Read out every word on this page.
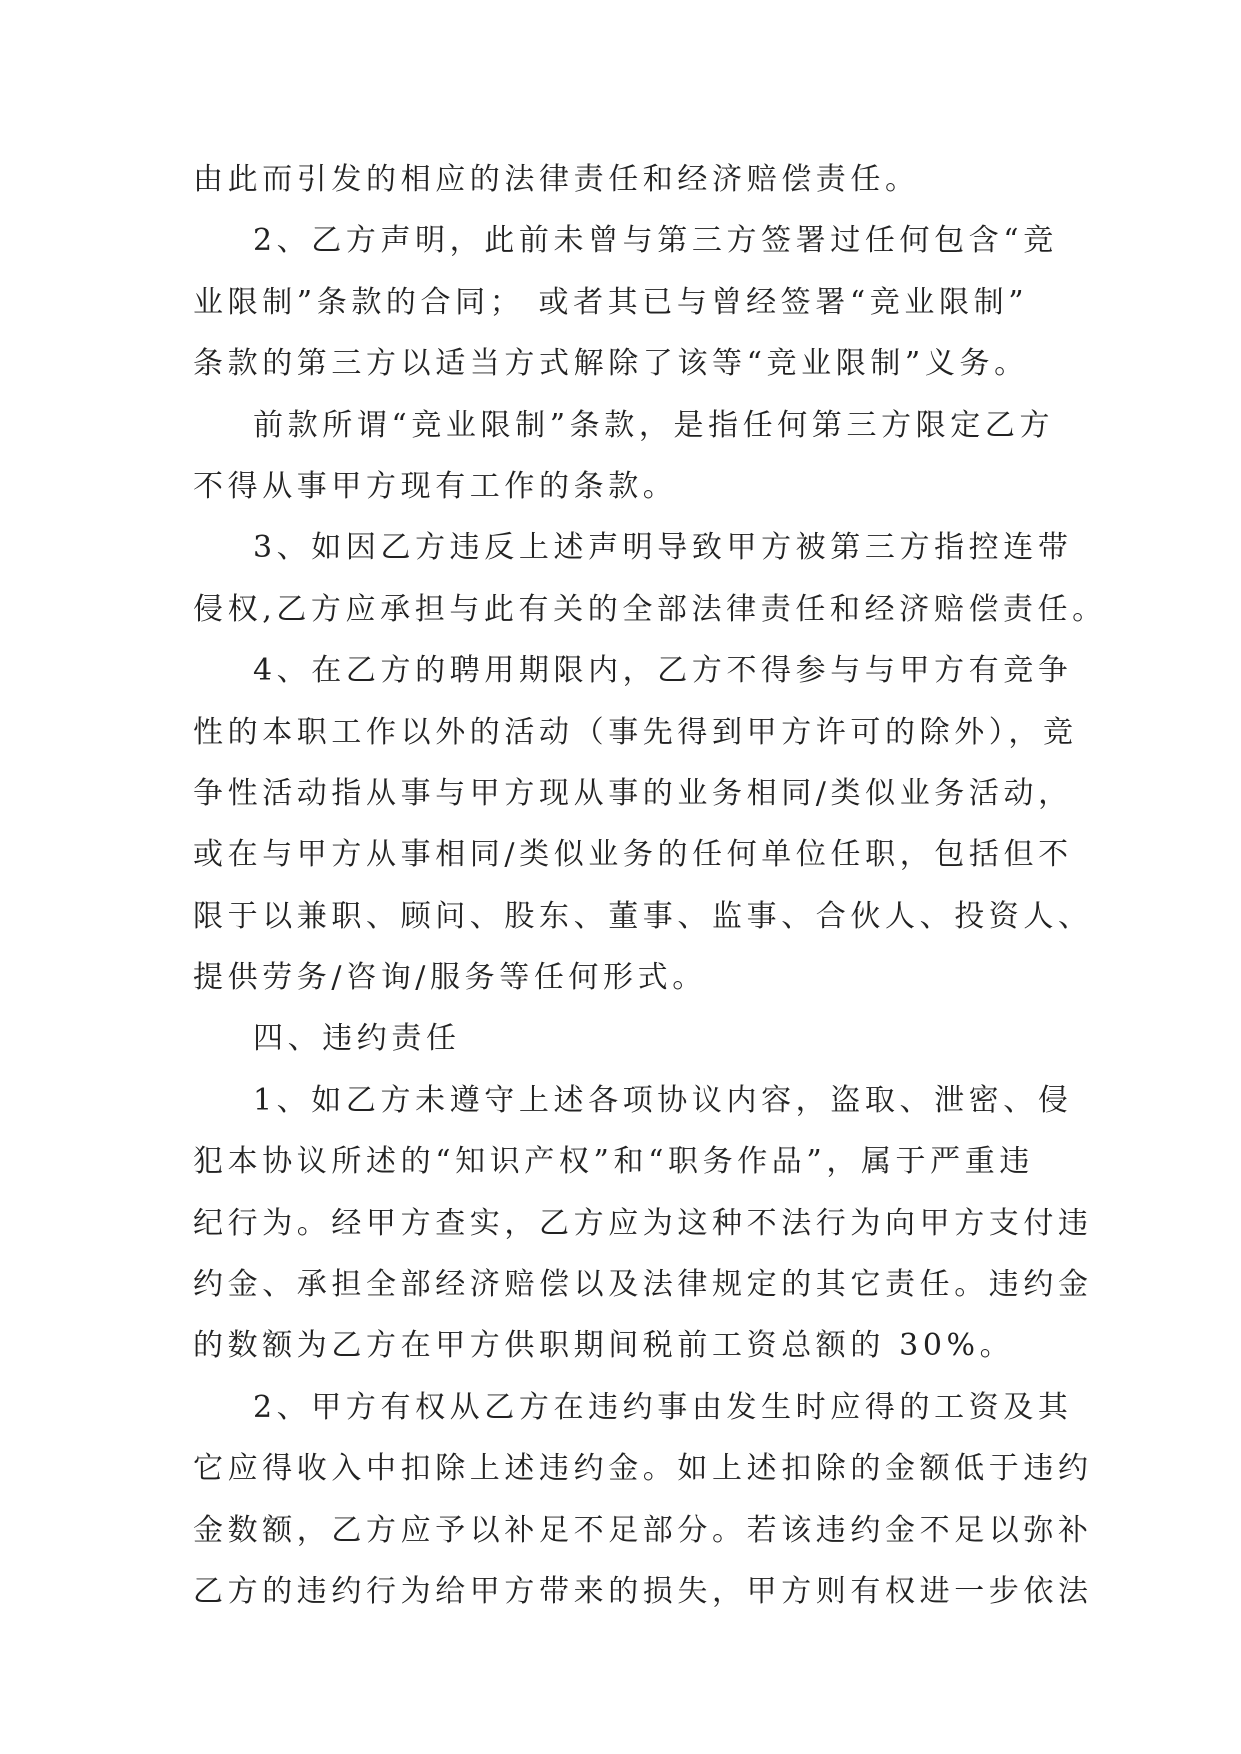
由此而引发的相应的法律责任和经济赔偿责任。
2、乙方声明，此前未曾与第三方签署过任何包含“竞
业限制”条款的合同； 或者其已与曾经签署“竞业限制”
条款的第三方以适当方式解除了该等“竞业限制”义务。
前款所谓“竞业限制”条款，是指任何第三方限定乙方
不得从事甲方现有工作的条款。
3、如因乙方违反上述声明导致甲方被第三方指控连带
侵权,乙方应承担与此有关的全部法律责任和经济赔偿责任。
4、在乙方的聘用期限内，乙方不得参与与甲方有竞争
性的本职工作以外的活动（事先得到甲方许可的除外），竞
争性活动指从事与甲方现从事的业务相同/类似业务活动，
或在与甲方从事相同/类似业务的任何单位任职，包括但不
限于以兼职、顾问、股东、董事、监事、合伙人、投资人、
提供劳务/咨询/服务等任何形式。
四、违约责任
1、如乙方未遵守上述各项协议内容，盗取、泄密、侵
犯本协议所述的“知识产权”和“职务作品”，属于严重违
纪行为。经甲方查实，乙方应为这种不法行为向甲方支付违
约金、承担全部经济赔偿以及法律规定的其它责任。违约金
的数额为乙方在甲方供职期间税前工资总额的 30%。
2、甲方有权从乙方在违约事由发生时应得的工资及其
它应得收入中扣除上述违约金。如上述扣除的金额低于违约
金数额，乙方应予以补足不足部分。若该违约金不足以弥补
乙方的违约行为给甲方带来的损失，甲方则有权进一步依法
